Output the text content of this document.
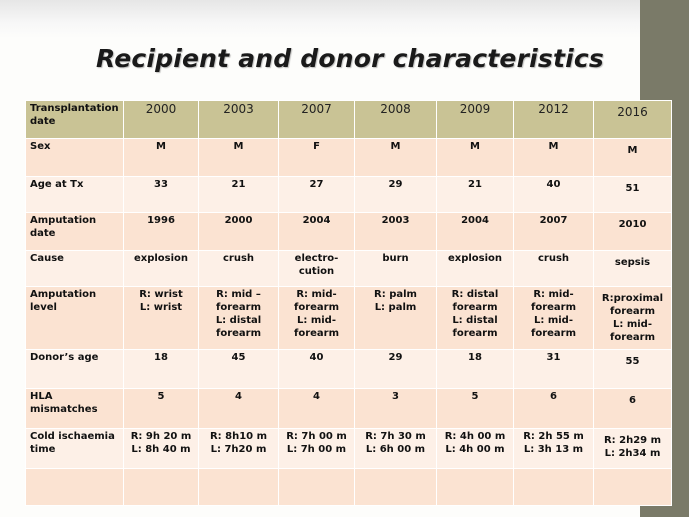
Recipient and donor characteristics
Transplantation date	2000	2003	2007	2008	2009	2012	2016
Sex	M	M	F	M	M	M	M
Age at Tx	33	21	27	29	21	40	51
Amputation date	1996	2000	2004	2003	2004	2007	2010
Cause	explosion	crush	electro-
cution	burn	explosion	crush	sepsis
Amputation level	R: wrist
L: wrist	R: mid –
forearm
L: distal
forearm	R: mid-
forearm
L: mid-
forearm	R: palm
L: palm	R: distal
forearm
L: distal
forearm	R: mid-
forearm
L: mid-
forearm	R:proximal
forearm
L: mid-
forearm
Donor’s age	18	45	40	29	18	31	55
HLA mismatches	5	4	4	3	5	6	6
Cold ischaemia time	R: 9h 20 m
L: 8h 40 m	R: 8h10 m
L: 7h20 m	R: 7h 00 m
L: 7h 00 m	R: 7h 30 m
L: 6h 00 m	R: 4h 00 m
L: 4h 00 m	R: 2h 55 m
L: 3h 13 m	R: 2h29 m
L: 2h34 m
